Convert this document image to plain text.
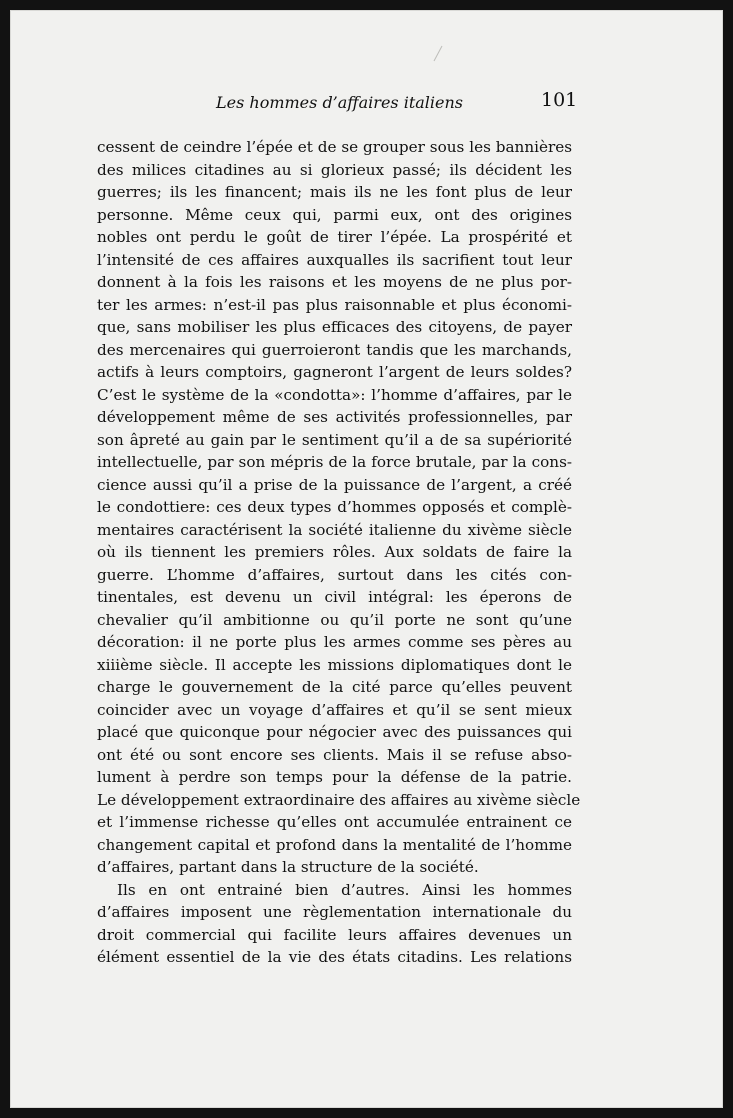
Les hommes d’affaires italiens	101
cessent de ceindre l’épée et de se grouper sous les bannières
des milices citadines au si glorieux passé; ils décident les
guerres; ils les financent; mais ils ne les font plus de leur
personne. Même ceux qui, parmi eux, ont des origines
nobles ont perdu le goût de tirer l’épée. La prospérité et
l’intensité de ces affaires auxqualles ils sacrifient tout leur
donnent à la fois les raisons et les moyens de ne plus por-
ter les armes: n’est-il pas plus raisonnable et plus économi-
que, sans mobiliser les plus efficaces des citoyens, de payer
des mercenaires qui guerroieront tandis que les marchands,
actifs à leurs comptoirs, gagneront l’argent de leurs soldes?
C’est le système de la «condotta»: l’homme d’affaires, par le
développement même de ses activités professionnelles, par
son âpreté au gain par le sentiment qu’il a de sa supériorité
intellectuelle, par son mépris de la force brutale, par la cons-
cience aussi qu’il a prise de la puissance de l’argent, a créé
le condottiere: ces deux types d’hommes opposés et complè-
mentaires caractérisent la société italienne du xivème siècle
où ils tiennent les premiers rôles. Aux soldats de faire la
guerre. L’homme d’affaires, surtout dans les cités con-
tinentales, est devenu un civil intégral: les éperons de
chevalier qu’il ambitionne ou qu’il porte ne sont qu’une
décoration: il ne porte plus les armes comme ses pères au
xiiième siècle. Il accepte les missions diplomatiques dont le
charge le gouvernement de la cité parce qu’elles peuvent
coincider avec un voyage d’affaires et qu’il se sent mieux
placé que quiconque pour négocier avec des puissances qui
ont été ou sont encore ses clients. Mais il se refuse abso-
lument à perdre son temps pour la défense de la patrie.
Le développement extraordinaire des affaires au xivème siècle
et l’immense richesse qu’elles ont accumulée entrainent ce
changement capital et profond dans la mentalité de l’homme
d’affaires, partant dans la structure de la société.
Ils en ont entrainé bien d’autres. Ainsi les hommes
d’affaires imposent une règlementation internationale du
droit commercial qui facilite leurs affaires devenues un
élément essentiel de la vie des états citadins. Les relations
